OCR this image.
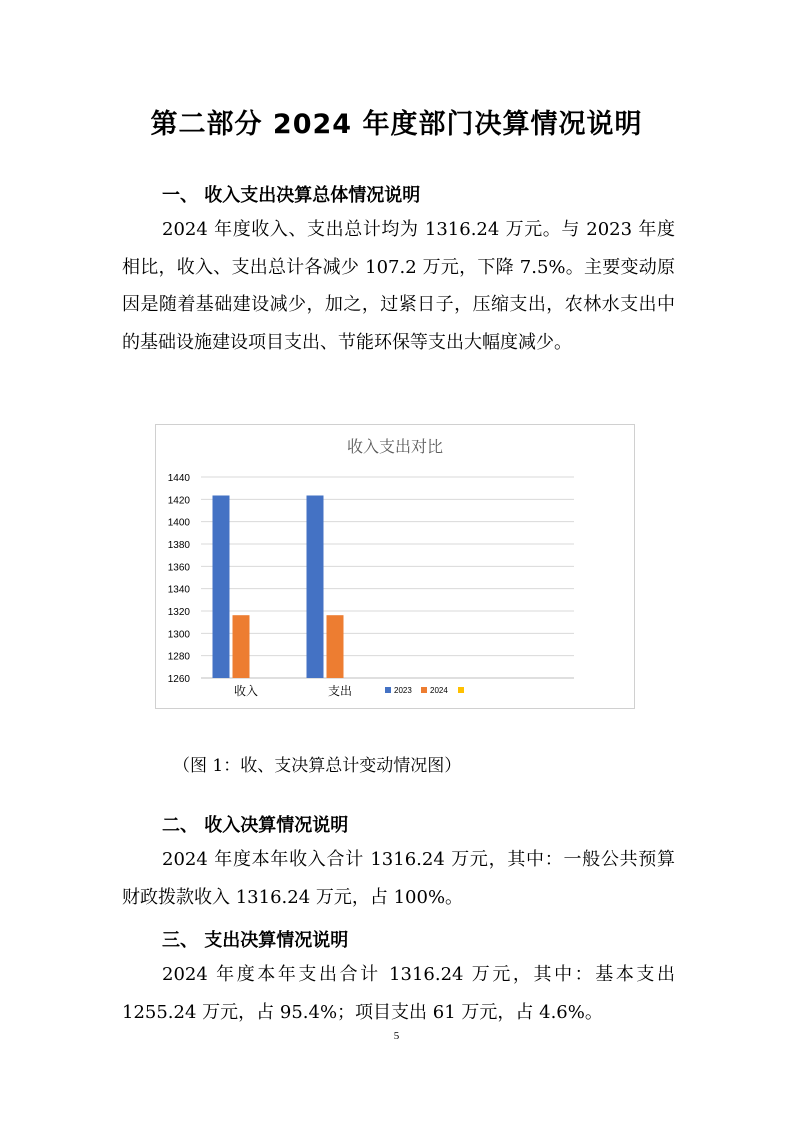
第二部分 2024 年度部门决算情况说明
一、 收入支出决算总体情况说明

2024 年度收入、支出总计均为 1316.24 万元。与 2023 年度相比，收入、支出总计各减少 107.2 万元，下降 7.5%。主要变动原因是随着基础建设减少，加之，过紧日子，压缩支出，农林水支出中的基础设施建设项目支出、节能环保等支出大幅度减少。

收入支出对比
1260
1280
1300
1320
1340
1360
1380
1400
1420
1440
收入	支出	2023 2024
（图 1：收、支决算总计变动情况图）
二、 收入决算情况说明

2024 年度本年收入合计 1316.24 万元，其中：一般公共预算财政拨款收入 1316.24 万元，占 100%。

三、 支出决算情况说明

2024 年度本年支出合计 1316.24 万元，其中：基本支出 1255.24 万元，占 95.4%；项目支出 61 万元，占 4.6%。

5
